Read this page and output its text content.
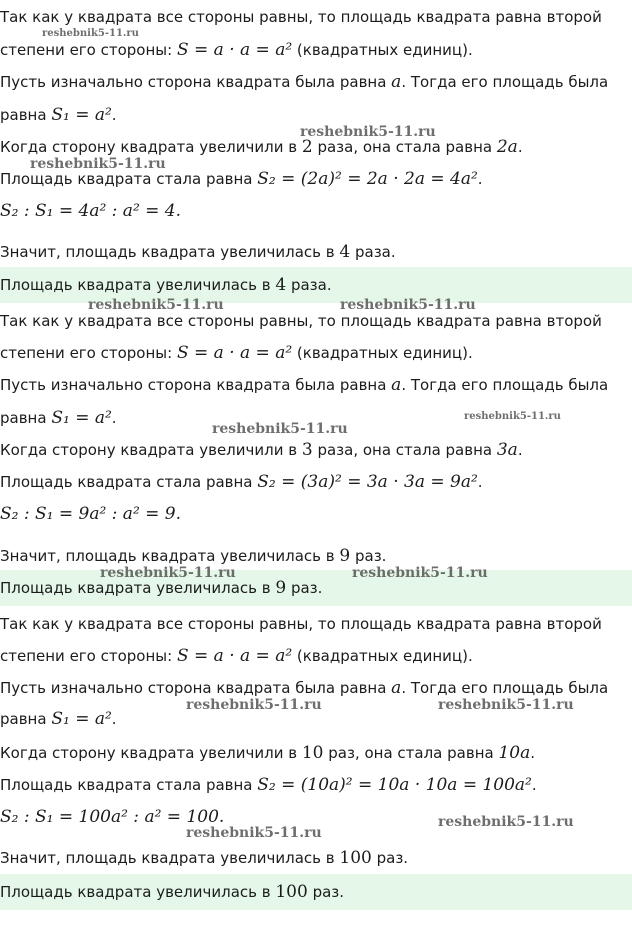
Так как у квадрата все стороны равны, то площадь квадрата равна второй
степени его стороны: S = a · a = a² (квадратных единиц).
Пусть изначально сторона квадрата была равна a. Тогда его площадь была
равна S₁ = a².
Когда сторону квадрата увеличили в 2 раза, она стала равна 2a.
Площадь квадрата стала равна S₂ = (2a)² = 2a · 2a = 4a².
S₂ : S₁ = 4a² : a² = 4.
Значит, площадь квадрата увеличилась в 4 раза.
Площадь квадрата увеличилась в 4 раза.
Так как у квадрата все стороны равны, то площадь квадрата равна второй
степени его стороны: S = a · a = a² (квадратных единиц).
Пусть изначально сторона квадрата была равна a. Тогда его площадь была
равна S₁ = a².
Когда сторону квадрата увеличили в 3 раза, она стала равна 3a.
Площадь квадрата стала равна S₂ = (3a)² = 3a · 3a = 9a².
S₂ : S₁ = 9a² : a² = 9.
Значит, площадь квадрата увеличилась в 9 раз.
Площадь квадрата увеличилась в 9 раз.
Так как у квадрата все стороны равны, то площадь квадрата равна второй
степени его стороны: S = a · a = a² (квадратных единиц).
Пусть изначально сторона квадрата была равна a. Тогда его площадь была
равна S₁ = a².
Когда сторону квадрата увеличили в 10 раз, она стала равна 10a.
Площадь квадрата стала равна S₂ = (10a)² = 10a · 10a = 100a².
S₂ : S₁ = 100a² : a² = 100.
Значит, площадь квадрата увеличилась в 100 раз.
Площадь квадрата увеличилась в 100 раз.
reshebnik5-11.ru
reshebnik5-11.ru
reshebnik5-11.ru
reshebnik5-11.ru	reshebnik5-11.ru
reshebnik5-11.ru
reshebnik5-11.ru
reshebnik5-11.ru	reshebnik5-11.ru
reshebnik5-11.ru	reshebnik5-11.ru
reshebnik5-11.ru
reshebnik5-11.ru
